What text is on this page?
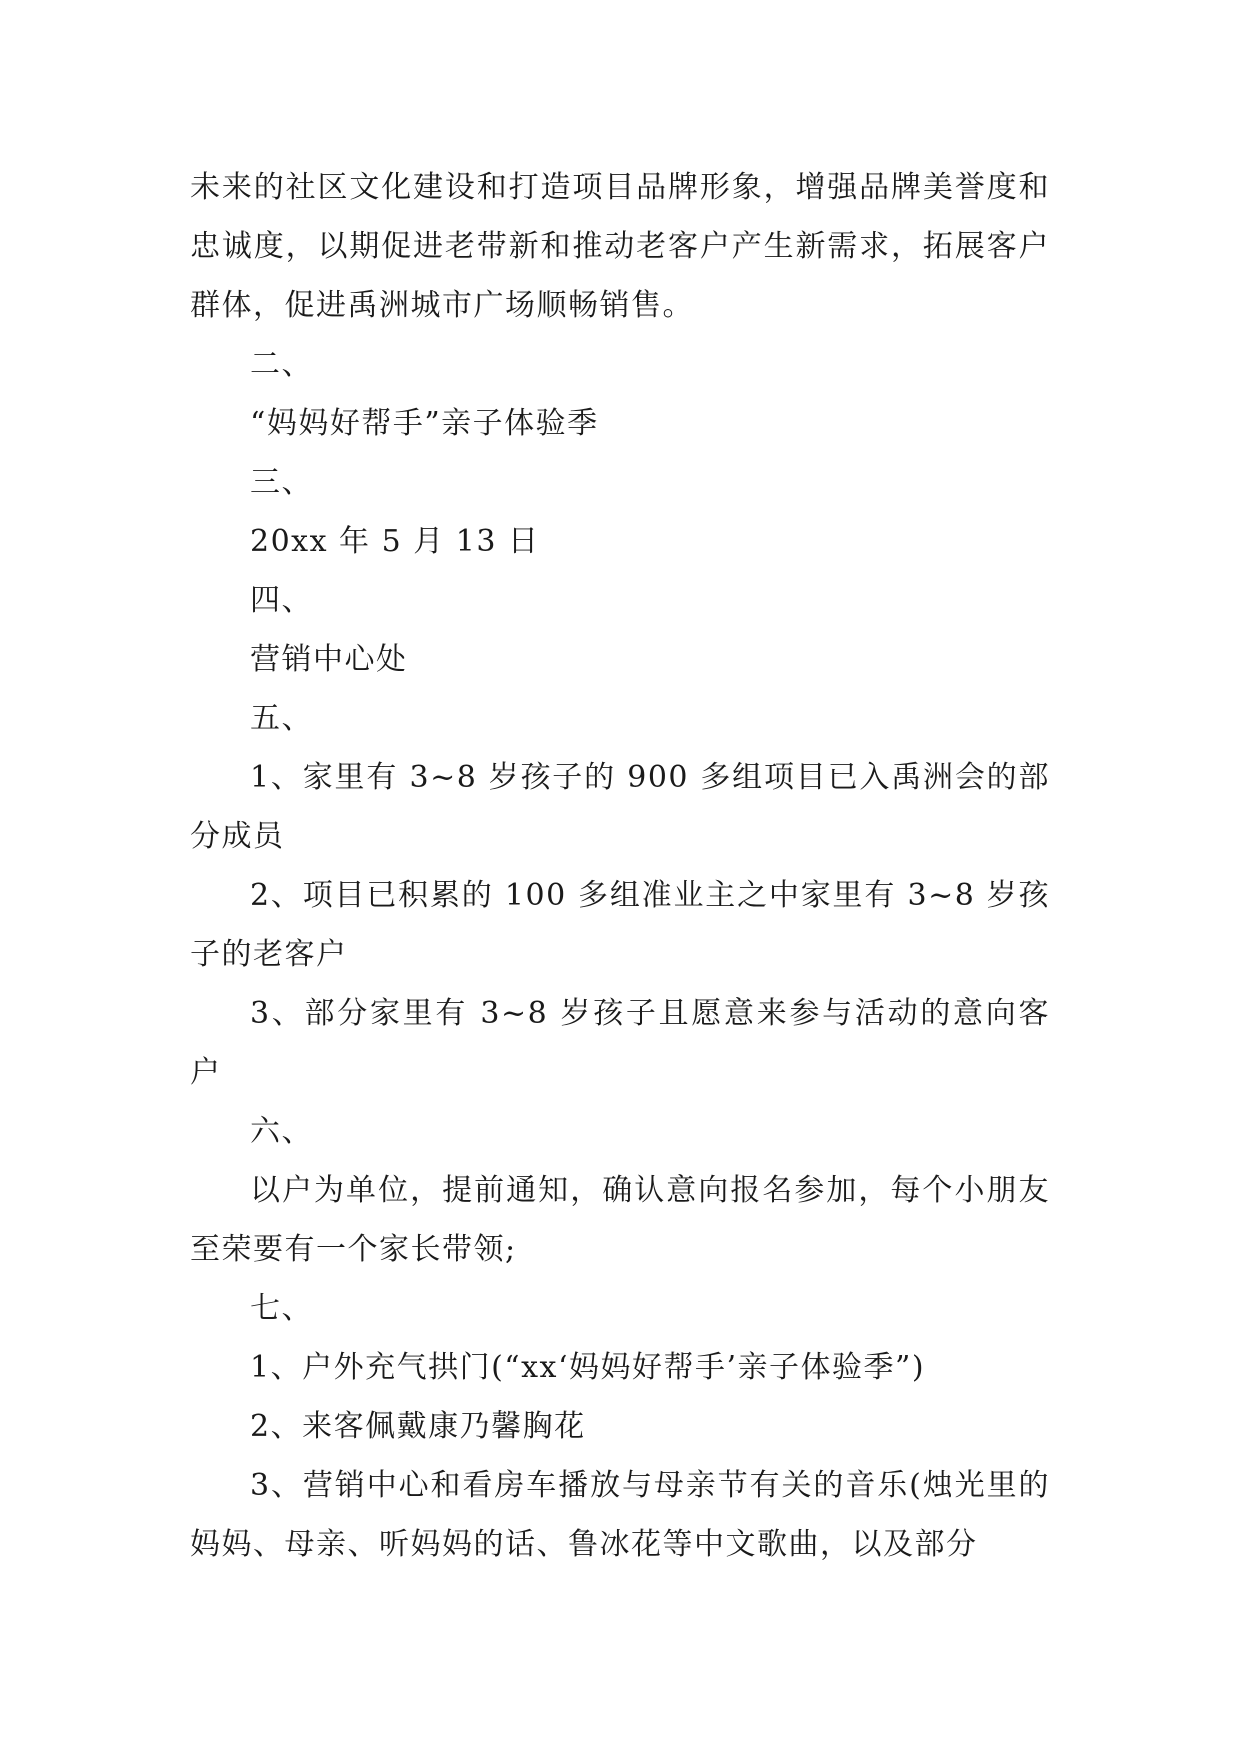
未来的社区文化建设和打造项目品牌形象，增强品牌美誉度和忠诚度，以期促进老带新和推动老客户产生新需求，拓展客户群体，促进禹洲城市广场顺畅销售。

二、

“妈妈好帮手”亲子体验季

三、

20xx 年 5 月 13 日

四、

营销中心处

五、

1、家里有 3~8 岁孩子的 900 多组项目已入禹洲会的部分成员

2、项目已积累的 100 多组准业主之中家里有 3~8 岁孩子的老客户

3、部分家里有 3~8 岁孩子且愿意来参与活动的意向客户

六、

以户为单位，提前通知，确认意向报名参加，每个小朋友至荣要有一个家长带领;

七、

1、户外充气拱门(“xx‘妈妈好帮手’亲子体验季”)

2、来客佩戴康乃馨胸花

3、营销中心和看房车播放与母亲节有关的音乐(烛光里的妈妈、母亲、听妈妈的话、鲁冰花等中文歌曲，以及部分
